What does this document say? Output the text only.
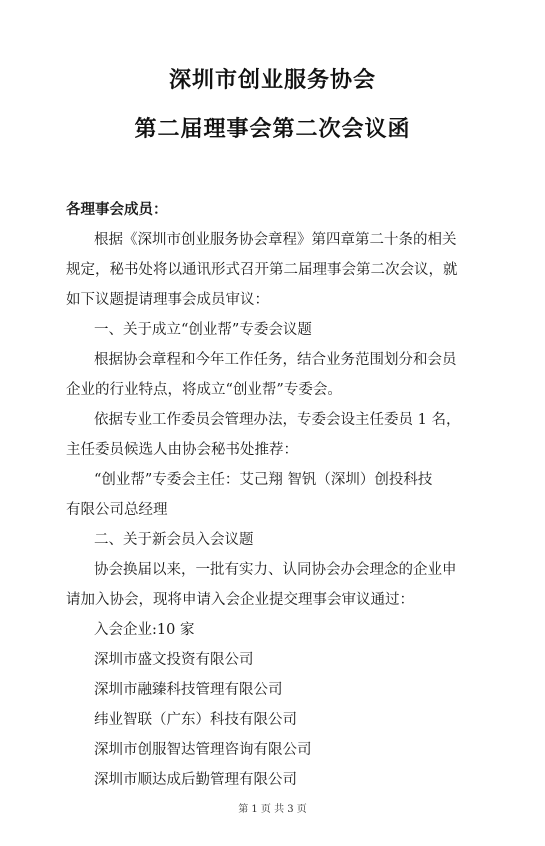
深圳市创业服务协会
第二届理事会第二次会议函
各理事会成员：
根据《深圳市创业服务协会章程》第四章第二十条的相关
规定，秘书处将以通讯形式召开第二届理事会第二次会议，就
如下议题提请理事会成员审议：
一、关于成立“创业帮”专委会议题
根据协会章程和今年工作任务，结合业务范围划分和会员
企业的行业特点，将成立“创业帮”专委会。
依据专业工作委员会管理办法，专委会设主任委员 1 名，
主任委员候选人由协会秘书处推荐：
“创业帮”专委会主任：艾己翔 智钒（深圳）创投科技
有限公司总经理
二、关于新会员入会议题
协会换届以来，一批有实力、认同协会办会理念的企业申
请加入协会，现将申请入会企业提交理事会审议通过：
入会企业:10 家
深圳市盛文投资有限公司
深圳市融臻科技管理有限公司
纬业智联（广东）科技有限公司
深圳市创服智达管理咨询有限公司
深圳市顺达成后勤管理有限公司
第 1 页 共 3 页
